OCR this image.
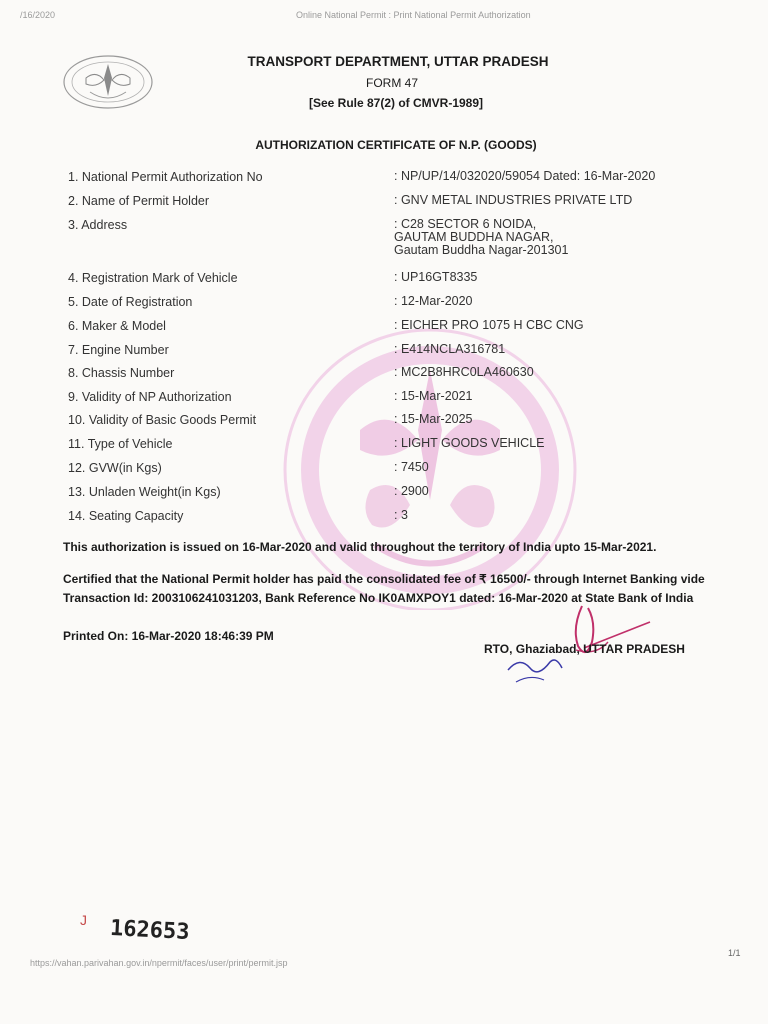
/16/2020	Online National Permit : Print National Permit Authorization
TRANSPORT DEPARTMENT, UTTAR PRADESH
FORM 47
[See Rule 87(2) of CMVR-1989]
AUTHORIZATION CERTIFICATE OF N.P. (GOODS)
1. National Permit Authorization No	: NP/UP/14/032020/59054 Dated: 16-Mar-2020
2. Name of Permit Holder	: GNV METAL INDUSTRIES PRIVATE LTD
3. Address	: C28 SECTOR 6 NOIDA,
GAUTAM BUDDHA NAGAR,
Gautam Buddha Nagar-201301
4. Registration Mark of Vehicle	: UP16GT8335
5. Date of Registration	: 12-Mar-2020
6. Maker & Model	: EICHER PRO 1075 H CBC CNG
7. Engine Number	: E414NCLA316781
8. Chassis Number	: MC2B8HRC0LA460630
9. Validity of NP Authorization	: 15-Mar-2021
10. Validity of Basic Goods Permit	: 15-Mar-2025
11. Type of Vehicle	: LIGHT GOODS VEHICLE
12. GVW(in Kgs)	: 7450
13. Unladen Weight(in Kgs)	: 2900
14. Seating Capacity	: 3
This authorization is issued on 16-Mar-2020 and valid throughout the territory of India upto 15-Mar-2021.
Certified that the National Permit holder has paid the consolidated fee of ₹ 16500/- through Internet Banking vide Transaction Id: 2003106241031203, Bank Reference No IK0AMXPOY1 dated: 16-Mar-2020 at State Bank of India
Printed On: 16-Mar-2020 18:46:39 PM
RTO, Ghaziabad, UTTAR PRADESH
J 162653
https://vahan.parivahan.gov.in/npermit/faces/user/print/permit.jsp
1/1
